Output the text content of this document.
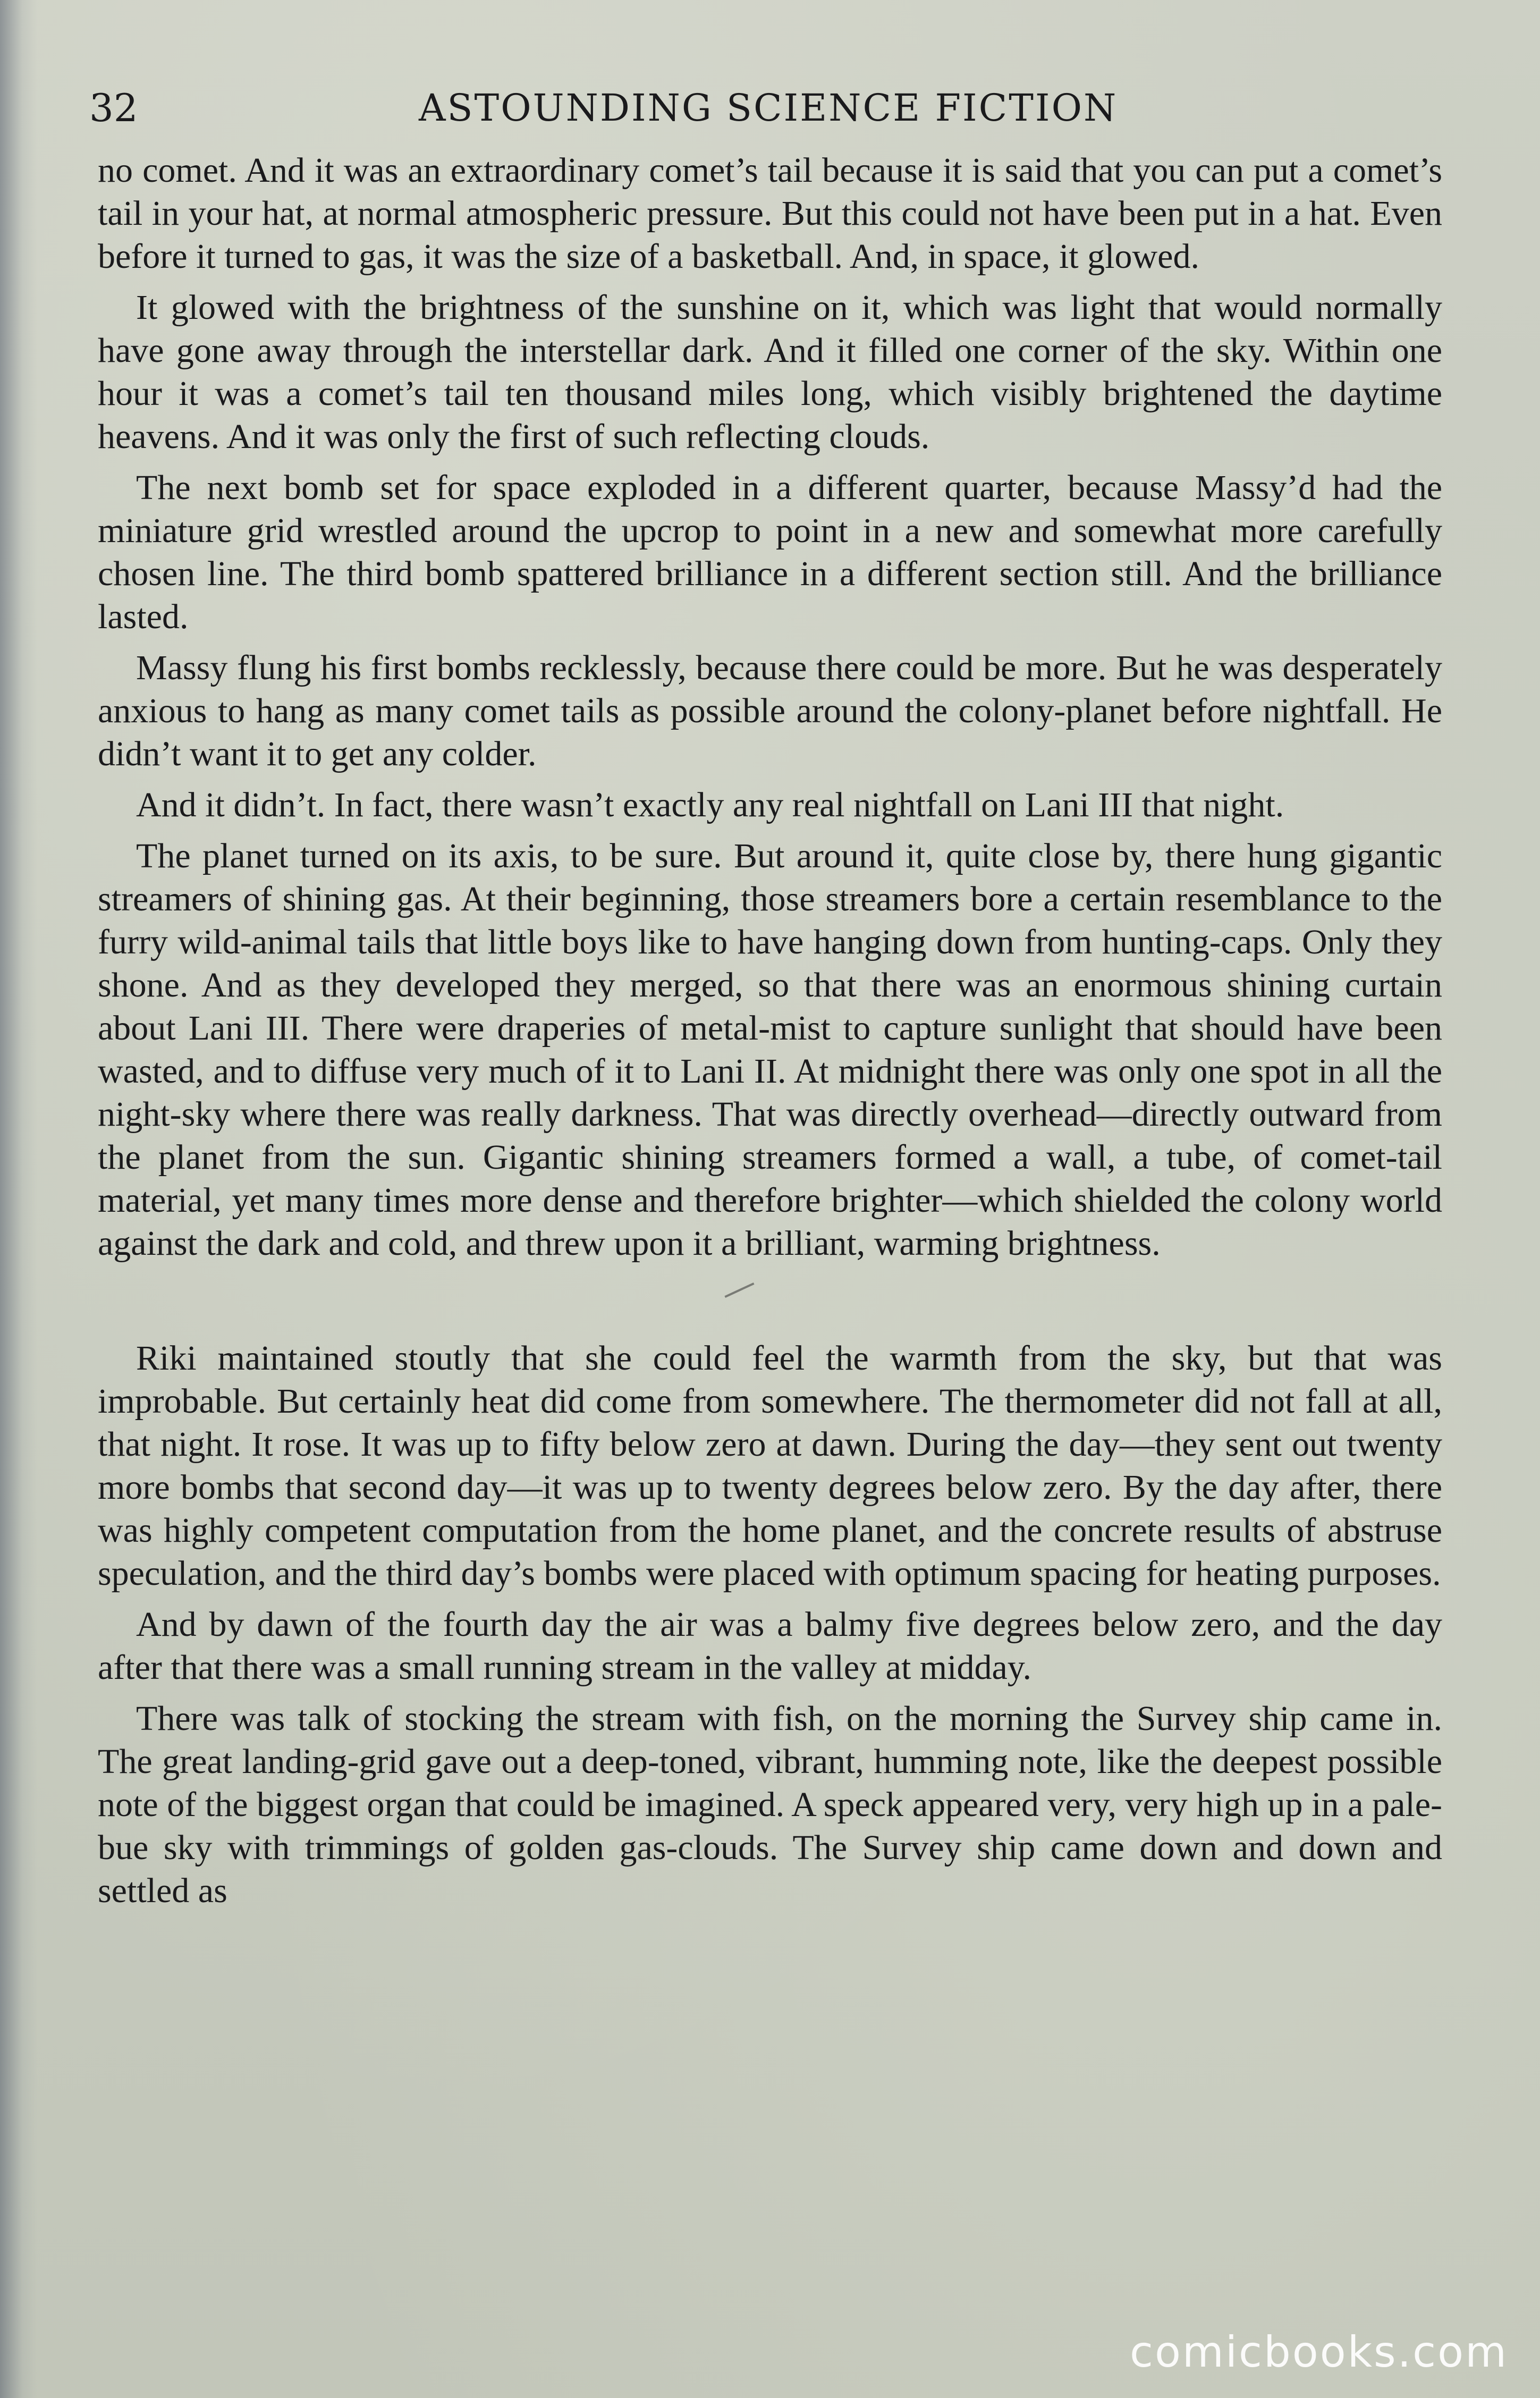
32	ASTOUNDING SCIENCE FICTION

no comet. And it was an extraordinary comet’s tail because it is said that you can put a comet’s tail in your hat, at normal atmospheric pressure. But this could not have been put in a hat. Even before it turned to gas, it was the size of a basketball. And, in space, it glowed.

It glowed with the brightness of the sunshine on it, which was light that would normally have gone away through the interstellar dark. And it filled one corner of the sky. Within one hour it was a comet’s tail ten thousand miles long, which visibly brightened the daytime heavens. And it was only the first of such reflecting clouds.

The next bomb set for space exploded in a different quarter, because Massy’d had the miniature grid wrestled around the upcrop to point in a new and somewhat more carefully chosen line. The third bomb spattered brilliance in a different section still. And the brilliance lasted.

Massy flung his first bombs recklessly, because there could be more. But he was desperately anxious to hang as many comet tails as possible around the colony-planet before nightfall. He didn’t want it to get any colder.

And it didn’t. In fact, there wasn’t exactly any real nightfall on Lani III that night.

The planet turned on its axis, to be sure. But around it, quite close by, there hung gigantic streamers of shining gas. At their beginning, those streamers bore a certain resemblance to the furry wild-animal tails that little boys like to have hanging down from hunting-caps. Only they shone. And as they developed they merged, so that there was an enormous shining curtain about Lani III. There were draperies of metal-mist to capture sunlight that should have been wasted, and to diffuse very much of it to Lani II. At midnight there was only one spot in all the night-sky where there was really darkness. That was directly overhead—directly outward from the planet from the sun. Gigantic shining streamers formed a wall, a tube, of comet-tail material, yet many times more dense and therefore brighter—which shielded the colony world against the dark and cold, and threw upon it a brilliant, warming brightness.

Riki maintained stoutly that she could feel the warmth from the sky, but that was improbable. But certainly heat did come from somewhere. The thermometer did not fall at all, that night. It rose. It was up to fifty below zero at dawn. During the day—they sent out twenty more bombs that second day—it was up to twenty degrees below zero. By the day after, there was highly competent computation from the home planet, and the concrete results of abstruse speculation, and the third day’s bombs were placed with optimum spacing for heating purposes.

And by dawn of the fourth day the air was a balmy five degrees below zero, and the day after that there was a small running stream in the valley at midday.

There was talk of stocking the stream with fish, on the morning the Survey ship came in. The great landing-grid gave out a deep-toned, vibrant, humming note, like the deepest possible note of the biggest organ that could be imagined. A speck appeared very, very high up in a pale-bue sky with trimmings of golden gas-clouds. The Survey ship came down and down and settled as

comicbooks.com
